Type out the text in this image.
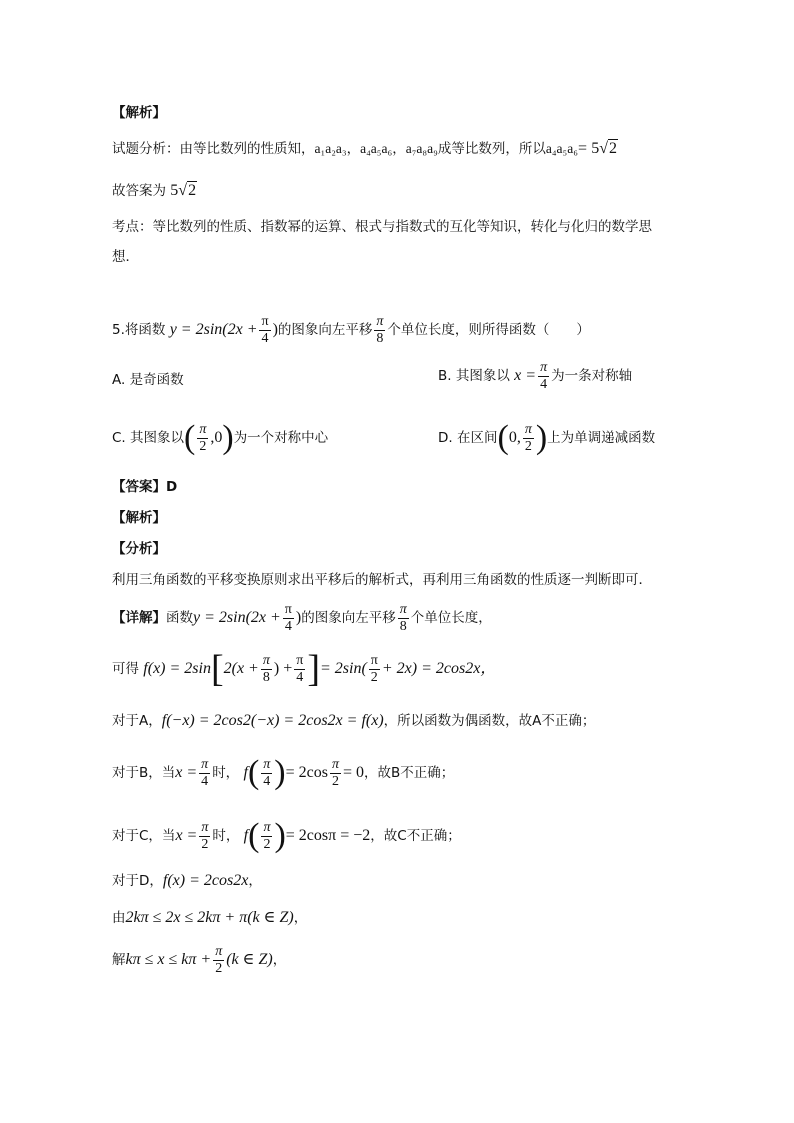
【解析】
试题分析：由等比数列的性质知，a₁a₂a₃，a₄a₅a₆，a₇a₈a₉成等比数列，所以a₄a₅a₆= 5√2
故答案为 5√2
考点：等比数列的性质、指数幂的运算、根式与指数式的互化等知识，转化与化归的数学思
想．
5.将函数 $y = 2\sin(2x + \frac{\pi}{4}$ )的图象向左平移 $\frac{\pi}{8}$ 个单位长度，则所得函数（　　）
A. 是奇函数	B. 其图象以 $x = \frac{\pi}{4}$ 为一条对称轴
C. 其图象以( $\frac{\pi}{2} ,0$)为一个对称中心	D. 在区间(0, $\frac{\pi}{2}$ )上为单调递减函数
【答案】D
【解析】
【分析】
利用三角函数的平移变换原则求出平移后的解析式，再利用三角函数的性质逐一判断即可．
【详解】函数$y = 2\sin(2x + \frac{\pi}{4}$ )的图象向左平移 $\frac{\pi}{8}$ 个单位长度，
可得 $f(x) = 2\sin[2(x + \frac{\pi}{8}$ ) + $\frac{\pi}{4}$ ]= $2\sin( \frac{\pi}{2} + 2x) = 2\cos 2x$，
对于A，f(−x) = 2cos2(−x) = 2cos2x = f(x)，所以函数为偶函数，故A不正确；
对于B，当$x = \frac{\pi}{4}$ 时， $f( \frac{\pi}{4}$ )= $2\cos \frac{\pi}{2} = 0$，故B不正确；
对于C，当$x = \frac{\pi}{2}$ 时， $f( \frac{\pi}{2}$ )= 2cosπ = −2，故C不正确；
对于D，f(x) = 2cos2x，
由2kπ ≤ 2x ≤ 2kπ + π(k ∈ Z)，
解$k\pi \le x \le k\pi + \frac{\pi}{2} (k$ ∈ Z)，
